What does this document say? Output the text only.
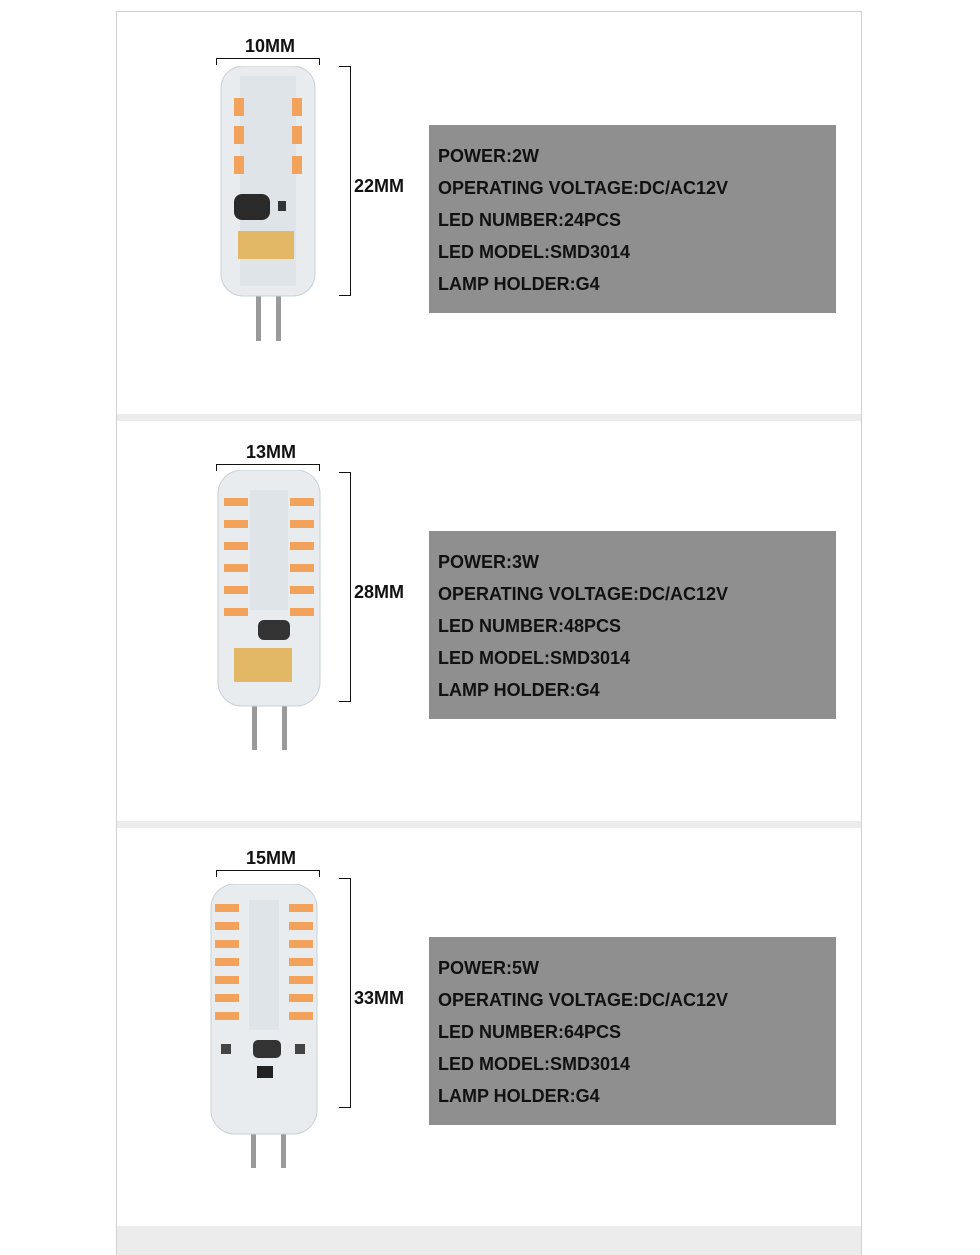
10MM
22MM
POWER:2W
OPERATING VOLTAGE:DC/AC12V
LED NUMBER:24PCS
LED MODEL:SMD3014
LAMP HOLDER:G4
13MM
28MM
POWER:3W
OPERATING VOLTAGE:DC/AC12V
LED NUMBER:48PCS
LED MODEL:SMD3014
LAMP HOLDER:G4
15MM
33MM
POWER:5W
OPERATING VOLTAGE:DC/AC12V
LED NUMBER:64PCS
LED MODEL:SMD3014
LAMP HOLDER:G4
